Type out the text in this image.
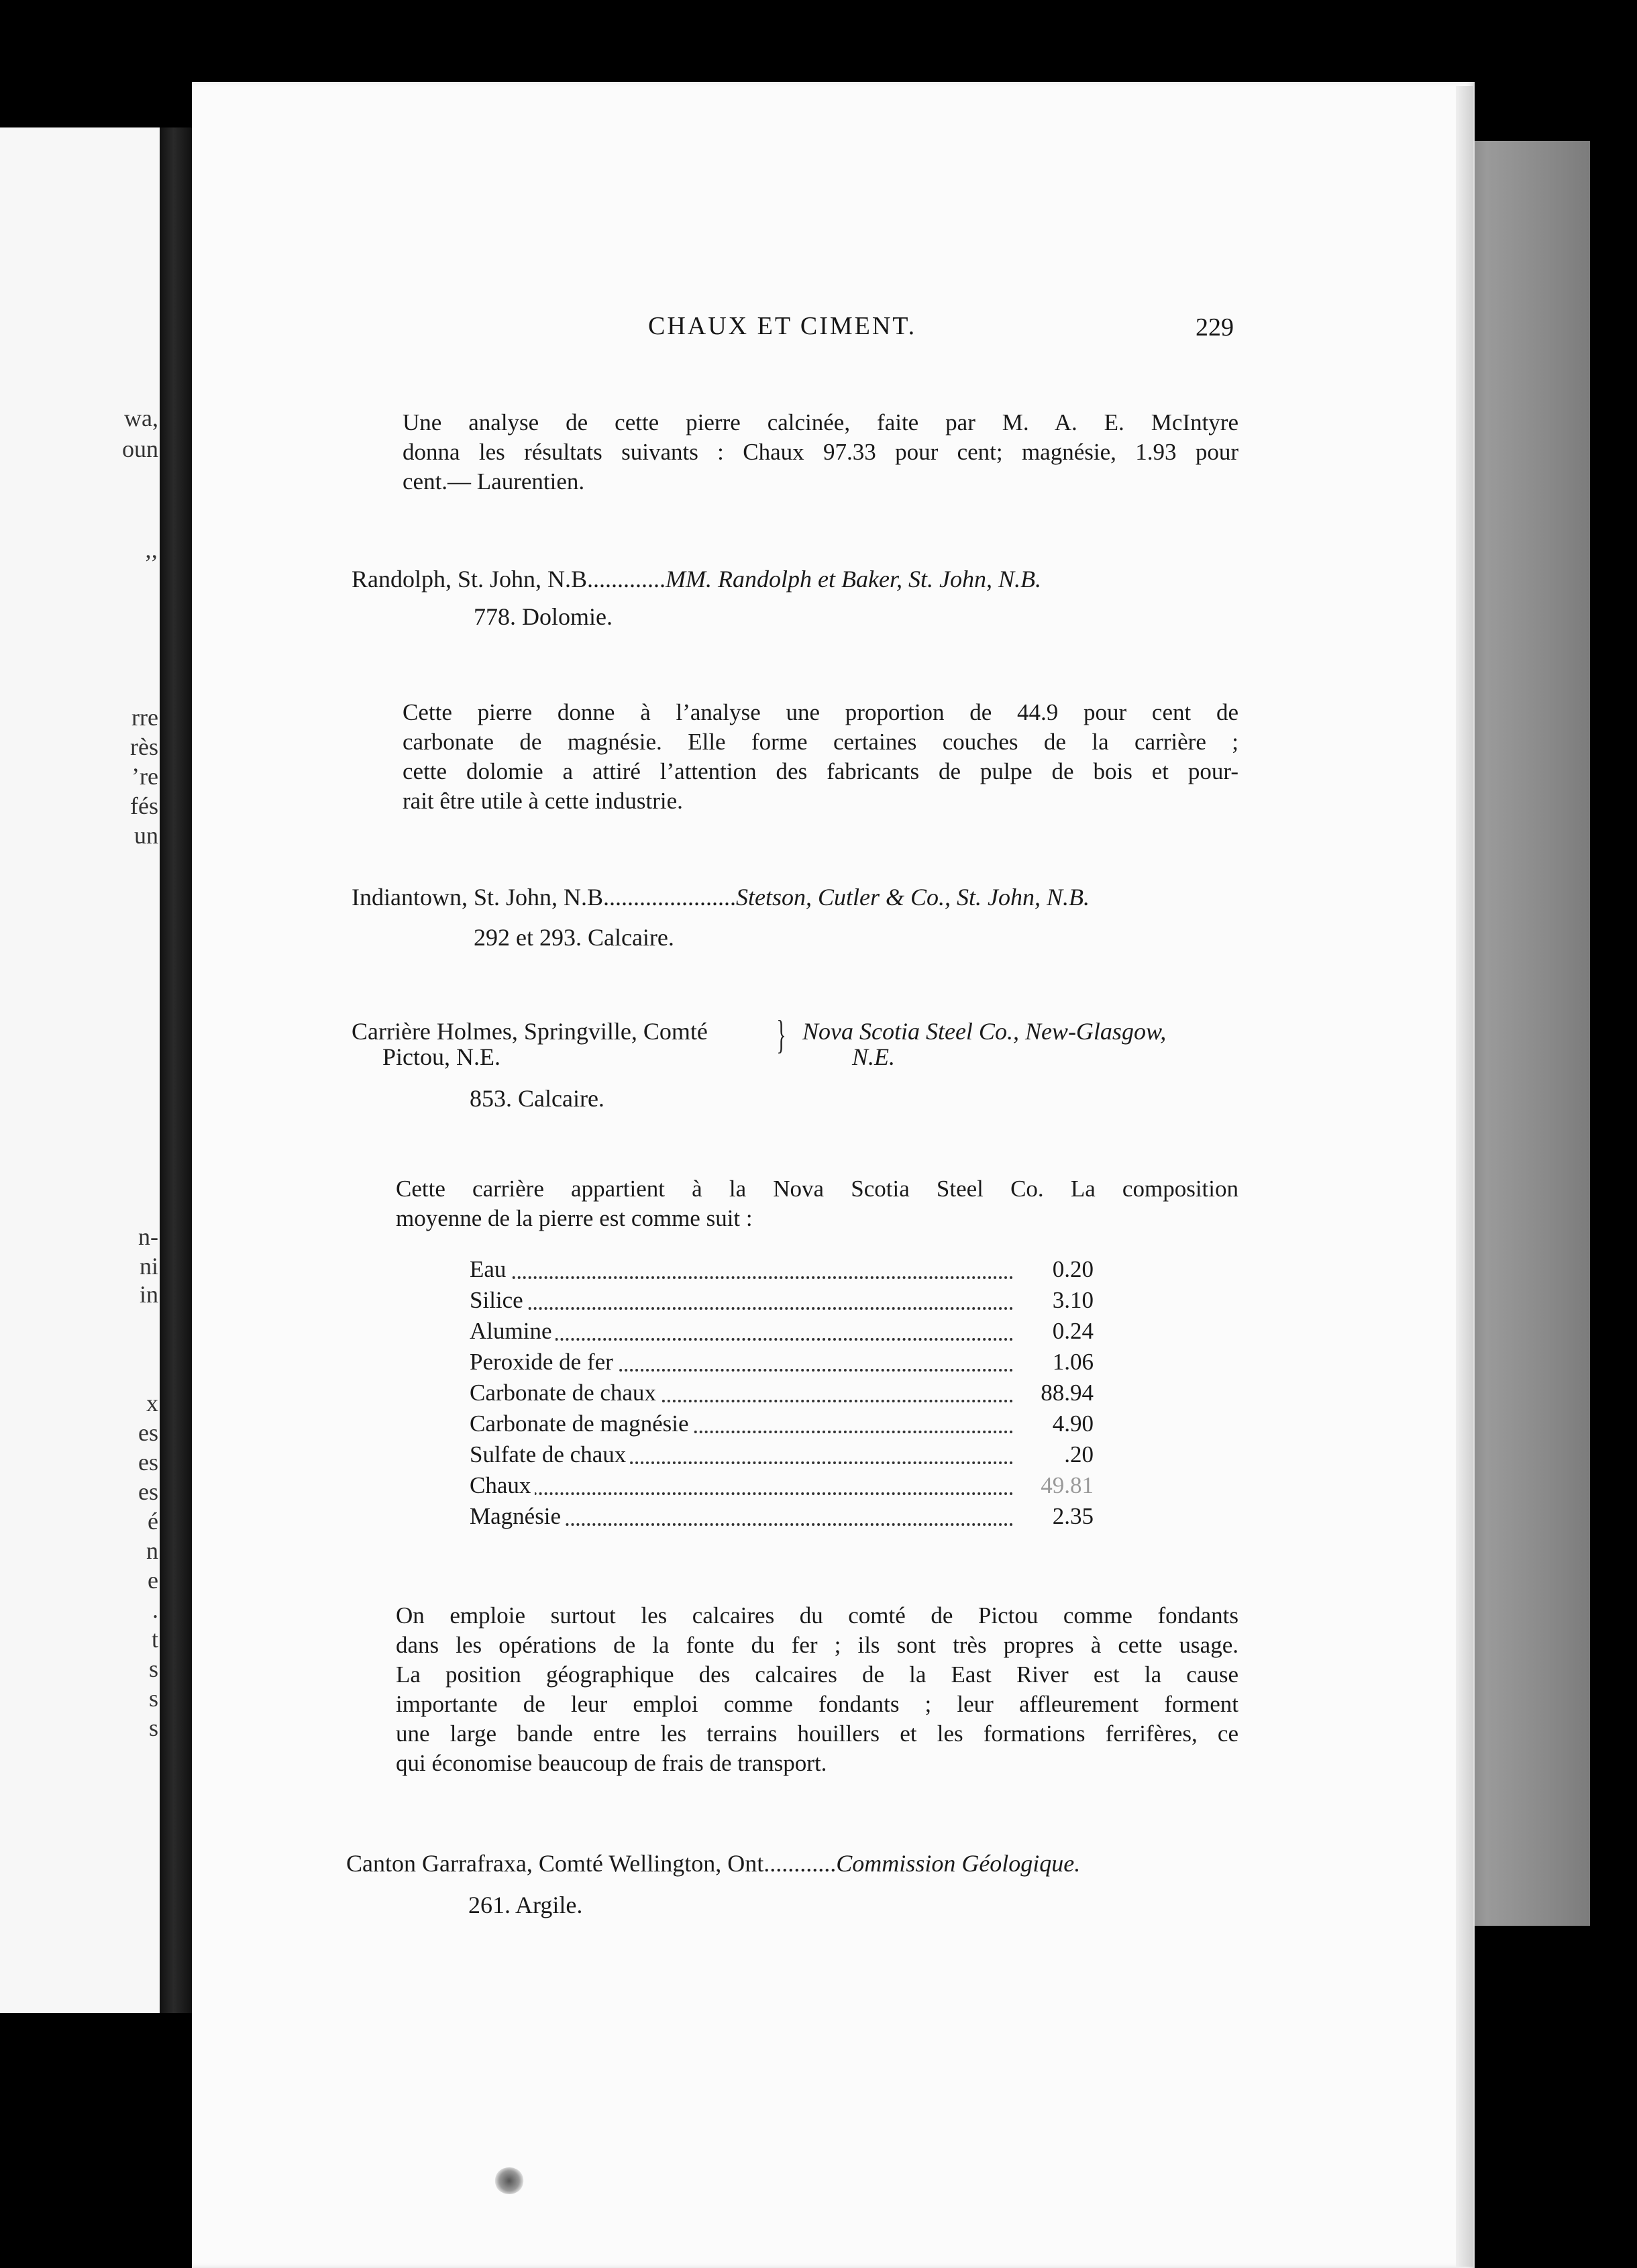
wa,
oun
’’
rre
rès
’re
fés
un
n-
ni
in
x
es
es
es
é
n
e
.
t
s
s
s
CHAUX ET CIMENT.	229
Une analyse de cette pierre calcinée, faite par M. A. E. McIntyre
donna les résultats suivants : Chaux 97.33 pour cent; magnésie, 1.93 pour
cent.— Laurentien.
Randolph, St. John, N.B.............MM. Randolph et Baker, St. John, N.B.
778. Dolomie.
Cette pierre donne à l’analyse une proportion de 44.9 pour cent de
carbonate de magnésie. Elle forme certaines couches de la carrière ;
cette dolomie a attiré l’attention des fabricants de pulpe de bois et pour-
rait être utile à cette industrie.
Indiantown, St. John, N.B......................Stetson, Cutler & Co., St. John, N.B.
292 et 293. Calcaire.
Carrière Holmes, Springville, Comté
Pictou, N.E.	} Nova Scotia Steel Co., New-Glasgow,
N.E.
853. Calcaire.
Cette carrière appartient à la Nova Scotia Steel Co. La composition
moyenne de la pierre est comme suit :
Eau	0.20
Silice	3.10
Alumine	0.24
Peroxide de fer	1.06
Carbonate de chaux	88.94
Carbonate de magnésie	4.90
Sulfate de chaux	.20
Chaux	49.81
Magnésie	2.35
On emploie surtout les calcaires du comté de Pictou comme fondants
dans les opérations de la fonte du fer ; ils sont très propres à cette usage.
La position géographique des calcaires de la East River est la cause
importante de leur emploi comme fondants ; leur affleurement forment
une large bande entre les terrains houillers et les formations ferrifères, ce
qui économise beaucoup de frais de transport.
Canton Garrafraxa, Comté Wellington, Ont............Commission Géologique.
261. Argile.
